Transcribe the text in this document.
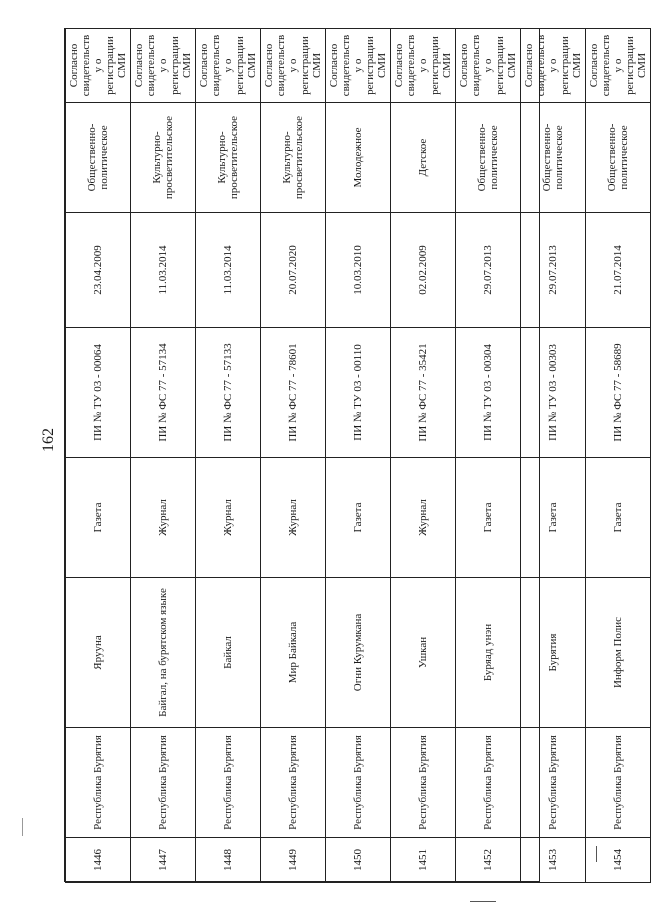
162
1446	Республика Бурятия	Ярууна	Газета	ПИ № ТУ 03 - 00064	23.04.2009	Общественно-политическое	Согласно свидетельству о регистрации СМИ
1447	Республика Бурятия	Байгал, на бурятском языке	Журнал	ПИ № ФС 77 - 57134	11.03.2014	Культурно-просветительское	Согласно свидетельству о регистрации СМИ
1448	Республика Бурятия	Байкал	Журнал	ПИ № ФС 77 - 57133	11.03.2014	Культурно-просветительское	Согласно свидетельству о регистрации СМИ
1449	Республика Бурятия	Мир Байкала	Журнал	ПИ № ФС 77 - 78601	20.07.2020	Культурно-просветительское	Согласно свидетельству о регистрации СМИ
1450	Республика Бурятия	Огни Курумкана	Газета	ПИ № ТУ 03 - 00110	10.03.2010	Молодежное	Согласно свидетельству о регистрации СМИ
1451	Республика Бурятия	Ушкан	Журнал	ПИ № ФС 77 - 35421	02.02.2009	Детское	Согласно свидетельству о регистрации СМИ
1452	Республика Бурятия	Буряад унэн	Газета	ПИ № ТУ 03 - 00304	29.07.2013	Общественно-политическое	Согласно свидетельству о регистрации СМИ
1453	Республика Бурятия	Бурятия	Газета	ПИ № ТУ 03 - 00303	29.07.2013	Общественно-политическое	Согласно свидетельству о регистрации СМИ
1454	Республика Бурятия	Информ Полис	Газета	ПИ № ФС 77 - 58689	21.07.2014	Общественно-политическое	Согласно свидетельству о регистрации СМИ
